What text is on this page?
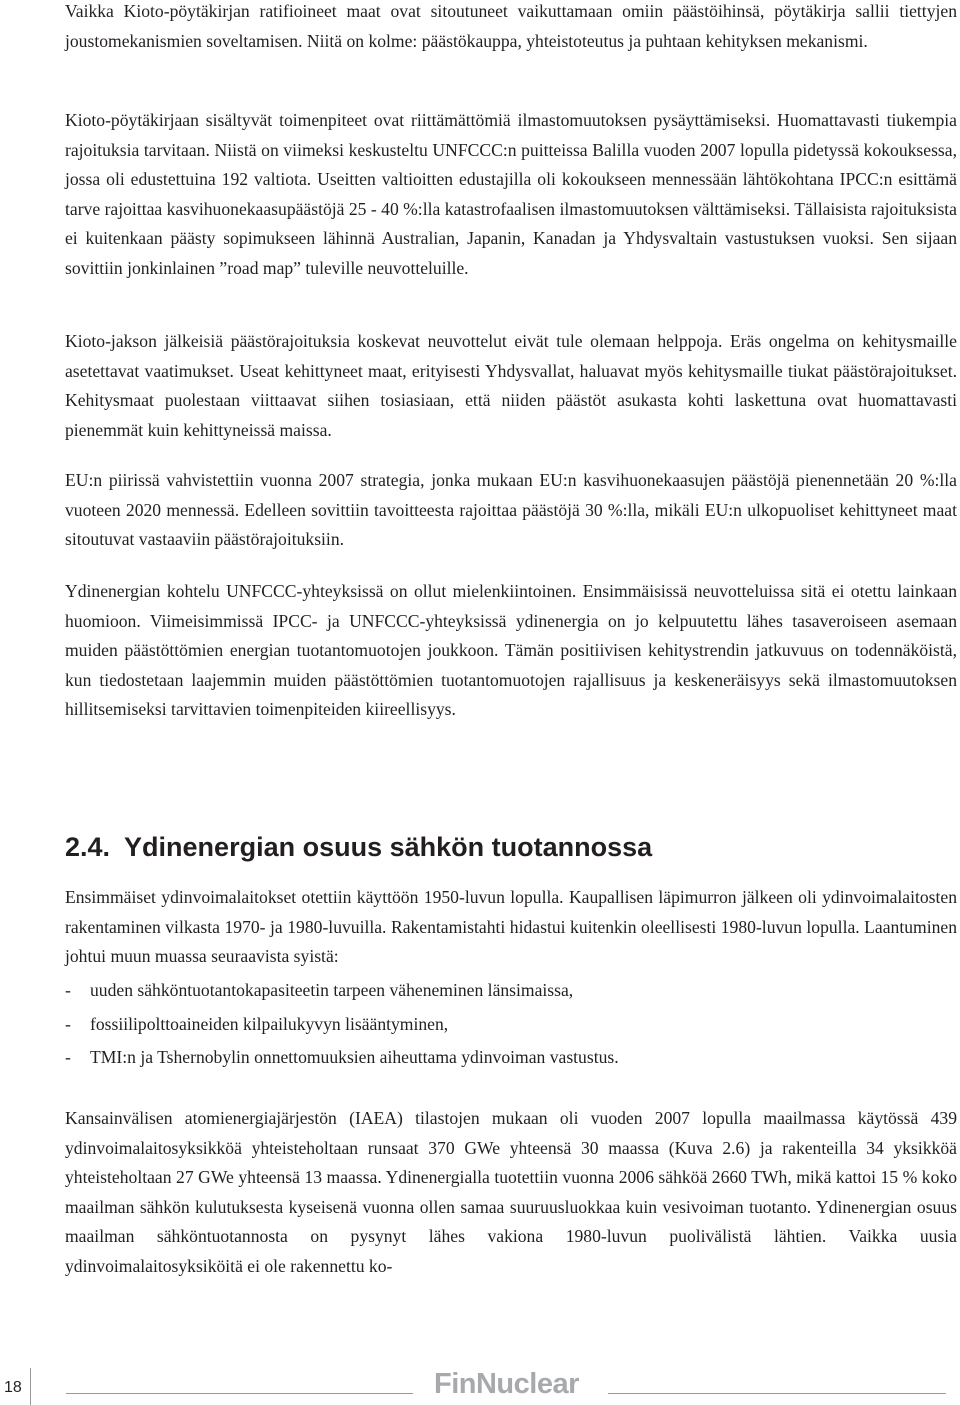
Vaikka Kioto-pöytäkirjan ratifioineet maat ovat sitoutuneet vaikuttamaan omiin päästöihinsä, pöytäkirja sallii tiettyjen joustomekanismien soveltamisen. Niitä on kolme: päästökauppa, yhteistoteutus ja puhtaan kehityksen mekanismi.

Kioto-pöytäkirjaan sisältyvät toimenpiteet ovat riittämättömiä ilmastomuutoksen pysäyttämiseksi. Huomattavasti tiukempia rajoituksia tarvitaan. Niistä on viimeksi keskusteltu UNFCCC:n puitteissa Balilla vuoden 2007 lopulla pidetyssä kokouksessa, jossa oli edustettuina 192 valtiota. Useitten valtioitten edustajilla oli kokoukseen mennessään lähtökohtana IPCC:n esittämä tarve rajoittaa kasvihuonekaasupäästöjä 25 - 40 %:lla katastrofaalisen ilmastomuutoksen välttämiseksi. Tällaisista rajoituksista ei kuitenkaan päästy sopimukseen lähinnä Australian, Japanin, Kanadan ja Yhdysvaltain vastustuksen vuoksi. Sen sijaan sovittiin jonkinlainen ”road map” tuleville neuvotteluille.

Kioto-jakson jälkeisiä päästörajoituksia koskevat neuvottelut eivät tule olemaan helppoja. Eräs ongelma on kehitysmaille asetettavat vaatimukset. Useat kehittyneet maat, erityisesti Yhdysvallat, haluavat myös kehitysmaille tiukat päästörajoitukset. Kehitysmaat puolestaan viittaavat siihen tosiasiaan, että niiden päästöt asukasta kohti laskettuna ovat huomattavasti pienemmät kuin kehittyneissä maissa.

EU:n piirissä vahvistettiin vuonna 2007 strategia, jonka mukaan EU:n kasvihuonekaasujen päästöjä pienennetään 20 %:lla vuoteen 2020 mennessä. Edelleen sovittiin tavoitteesta rajoittaa päästöjä 30 %:lla, mikäli EU:n ulkopuoliset kehittyneet maat sitoutuvat vastaaviin päästörajoituksiin.

Ydinenergian kohtelu UNFCCC-yhteyksissä on ollut mielenkiintoinen. Ensimmäisissä neuvotteluissa sitä ei otettu lainkaan huomioon. Viimeisimmissä IPCC- ja UNFCCC-yhteyksissä ydinenergia on jo kelpuutettu lähes tasaveroiseen asemaan muiden päästöttömien energian tuotantomuotojen joukkoon. Tämän positiivisen kehitystrendin jatkuvuus on todennäköistä, kun tiedostetaan laajemmin muiden päästöttömien tuotantomuotojen rajallisuus ja keskeneräisyys sekä ilmastomuutoksen hillitsemiseksi tarvittavien toimenpiteiden kiireellisyys.

2.4. Ydinenergian osuus sähkön tuotannossa

Ensimmäiset ydinvoimalaitokset otettiin käyttöön 1950-luvun lopulla. Kaupallisen läpimurron jälkeen oli ydinvoimalaitosten rakentaminen vilkasta 1970- ja 1980-luvuilla. Rakentamistahti hidastui kuitenkin oleellisesti 1980-luvun lopulla. Laantuminen johtui muun muassa seuraavista syistä:

- uuden sähköntuotantokapasiteetin tarpeen väheneminen länsimaissa,
- fossiilipolttoaineiden kilpailukyvyn lisääntyminen,
- TMI:n ja Tshernobylin onnettomuuksien aiheuttama ydinvoiman vastustus.

Kansainvälisen atomienergiajärjestön (IAEA) tilastojen mukaan oli vuoden 2007 lopulla maailmassa käytössä 439 ydinvoimalaitosyksikköä yhteisteholtaan runsaat 370 GWe yhteensä 30 maassa (Kuva 2.6) ja rakenteilla 34 yksikköä yhteisteholtaan 27 GWe yhteensä 13 maassa. Ydinenergialla tuotettiin vuonna 2006 sähköä 2660 TWh, mikä kattoi 15 % koko maailman sähkön kulutuksesta kyseisenä vuonna ollen samaa suuruusluokkaa kuin vesivoiman tuotanto. Ydinenergian osuus maailman sähköntuotannosta on pysynyt lähes vakiona 1980-luvun puolivälistä lähtien. Vaikka uusia ydinvoimalaitosyksiköitä ei ole rakennettu ko-

18	FinNuclear
